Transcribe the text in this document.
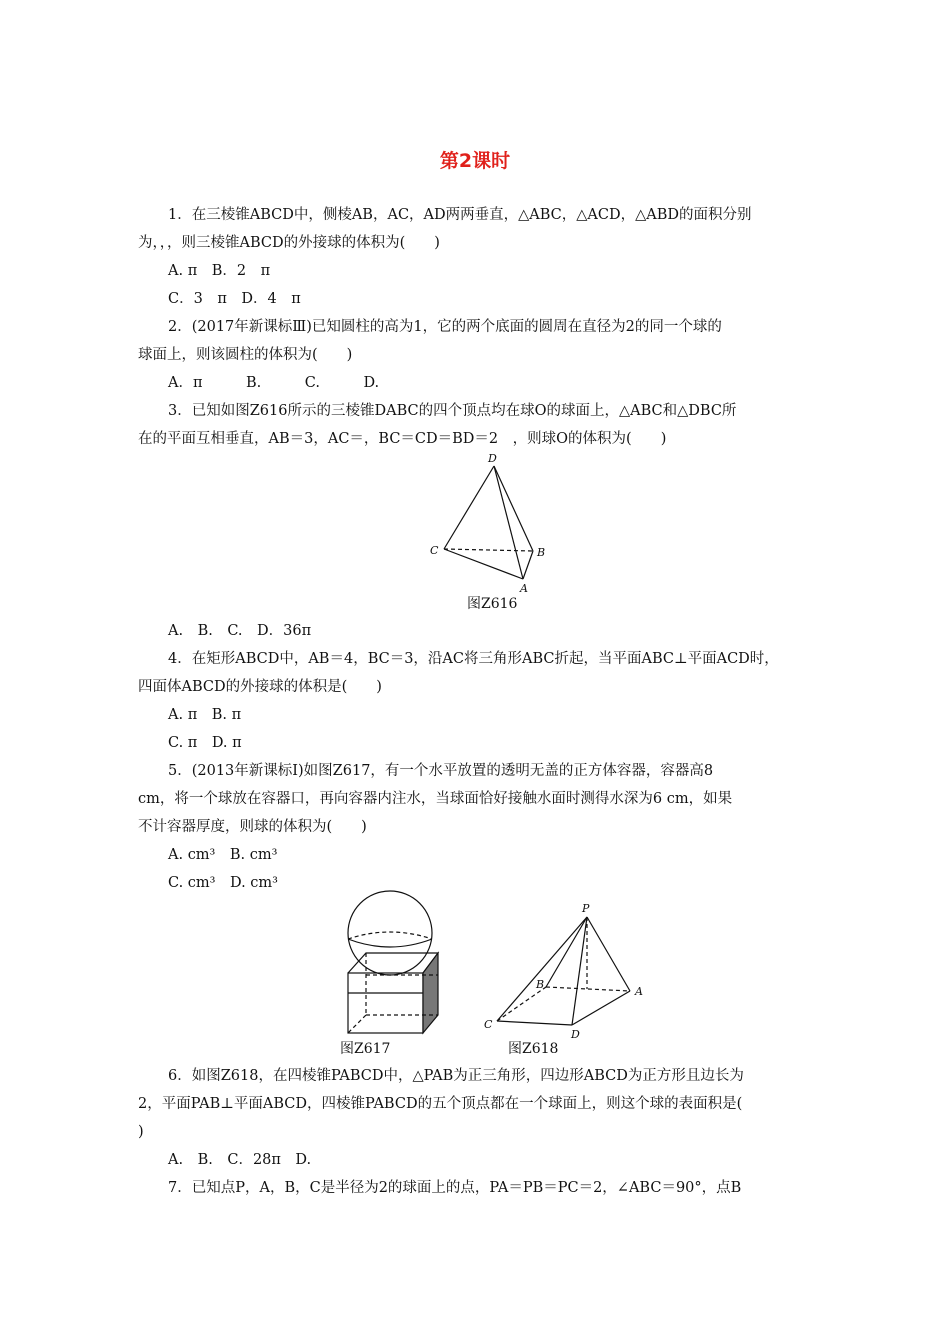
第2课时
1．在三棱锥ABCD中，侧棱AB，AC，AD两两垂直，△ABC，△ACD，△ABD的面积分别
为，，，则三棱锥ABCD的外接球的体积为(　　)
A. π　B．2　π
C．3　π　D．4　π
2．(2017年新课标Ⅲ)已知圆柱的高为1，它的两个底面的圆周在直径为2的同一个球的
球面上，则该圆柱的体积为(　　)
A．π　　　B.　　　C.　　　D.
3．已知如图Z616所示的三棱锥DABC的四个顶点均在球O的球面上，△ABC和△DBC所
在的平面互相垂直，AB＝3，AC＝，BC＝CD＝BD＝2　，则球O的体积为(　　)
D
C	B
A
图Z616
A.　B.　C.　D．36π
4．在矩形ABCD中，AB＝4，BC＝3，沿AC将三角形ABC折起，当平面ABC⊥平面ACD时，
四面体ABCD的外接球的体积是(　　)
A. π　B. π
C. π　D. π
5．(2013年新课标Ⅰ)如图Z617，有一个水平放置的透明无盖的正方体容器，容器高8
cm，将一个球放在容器口，再向容器内注水，当球面恰好接触水面时测得水深为6 cm，如果
不计容器厚度，则球的体积为(　　)
A. cm³　B. cm³
C. cm³　D. cm³
图Z617
P
B
A
C
D
图Z618
6．如图Z618，在四棱锥PABCD中，△PAB为正三角形，四边形ABCD为正方形且边长为
2，平面PAB⊥平面ABCD，四棱锥PABCD的五个顶点都在一个球面上，则这个球的表面积是(
)
A.　B.　C．28π　D.
7．已知点P，A，B，C是半径为2的球面上的点，PA＝PB＝PC＝2，∠ABC＝90°，点B
